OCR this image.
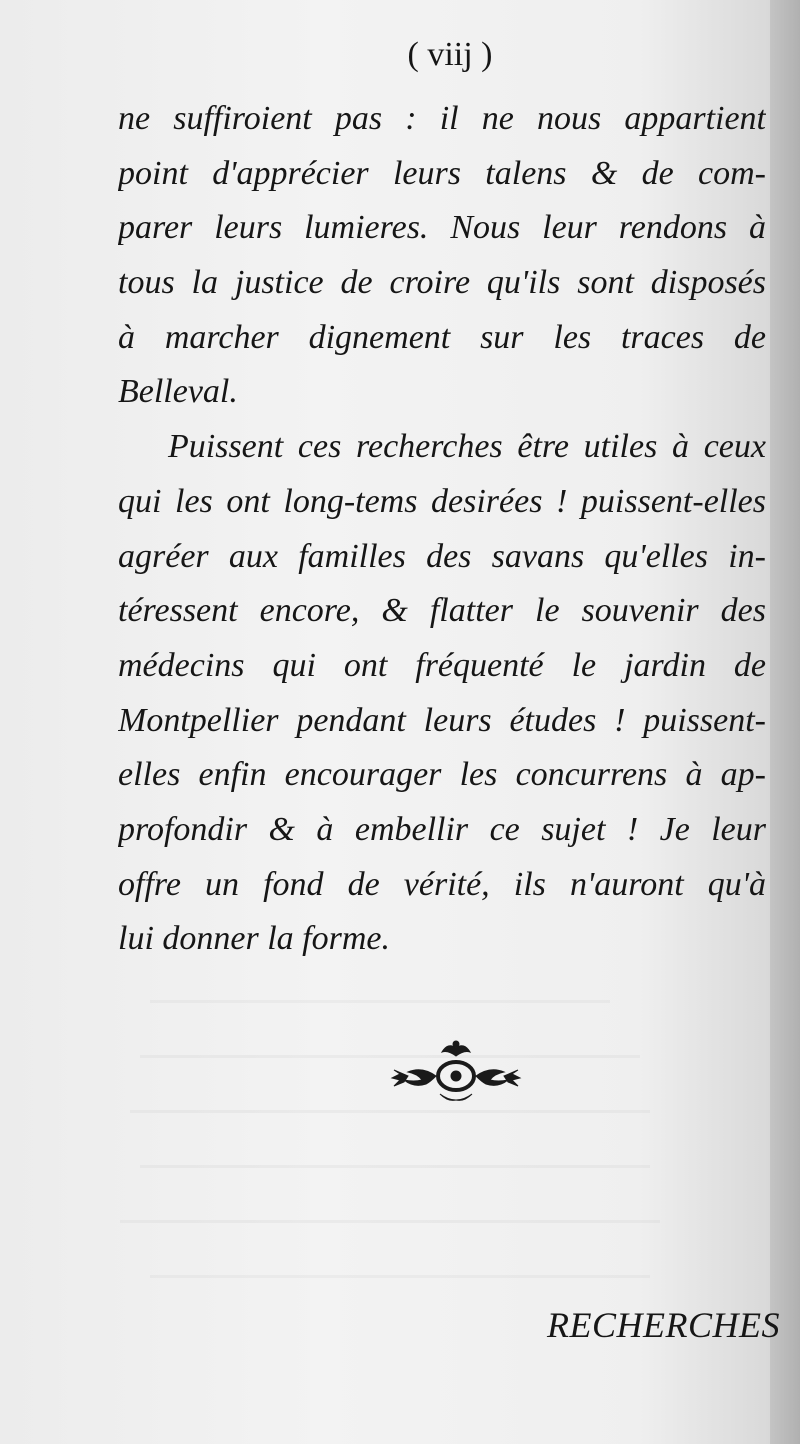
( viij )
ne suffiroient pas : il ne nous appartient
point d'apprécier leurs talens & de com-
parer leurs lumieres. Nous leur rendons à
tous la justice de croire qu'ils sont disposés
à marcher dignement sur les traces de
Belleval.
Puissent ces recherches être utiles à ceux
qui les ont long-tems desirées ! puissent-elles
agréer aux familles des savans qu'elles in-
téressent encore, & flatter le souvenir des
médecins qui ont fréquenté le jardin de
Montpellier pendant leurs études ! puissent-
elles enfin encourager les concurrens à ap-
profondir & à embellir ce sujet ! Je leur
offre un fond de vérité, ils n'auront qu'à
lui donner la forme.
RECHERCHES
